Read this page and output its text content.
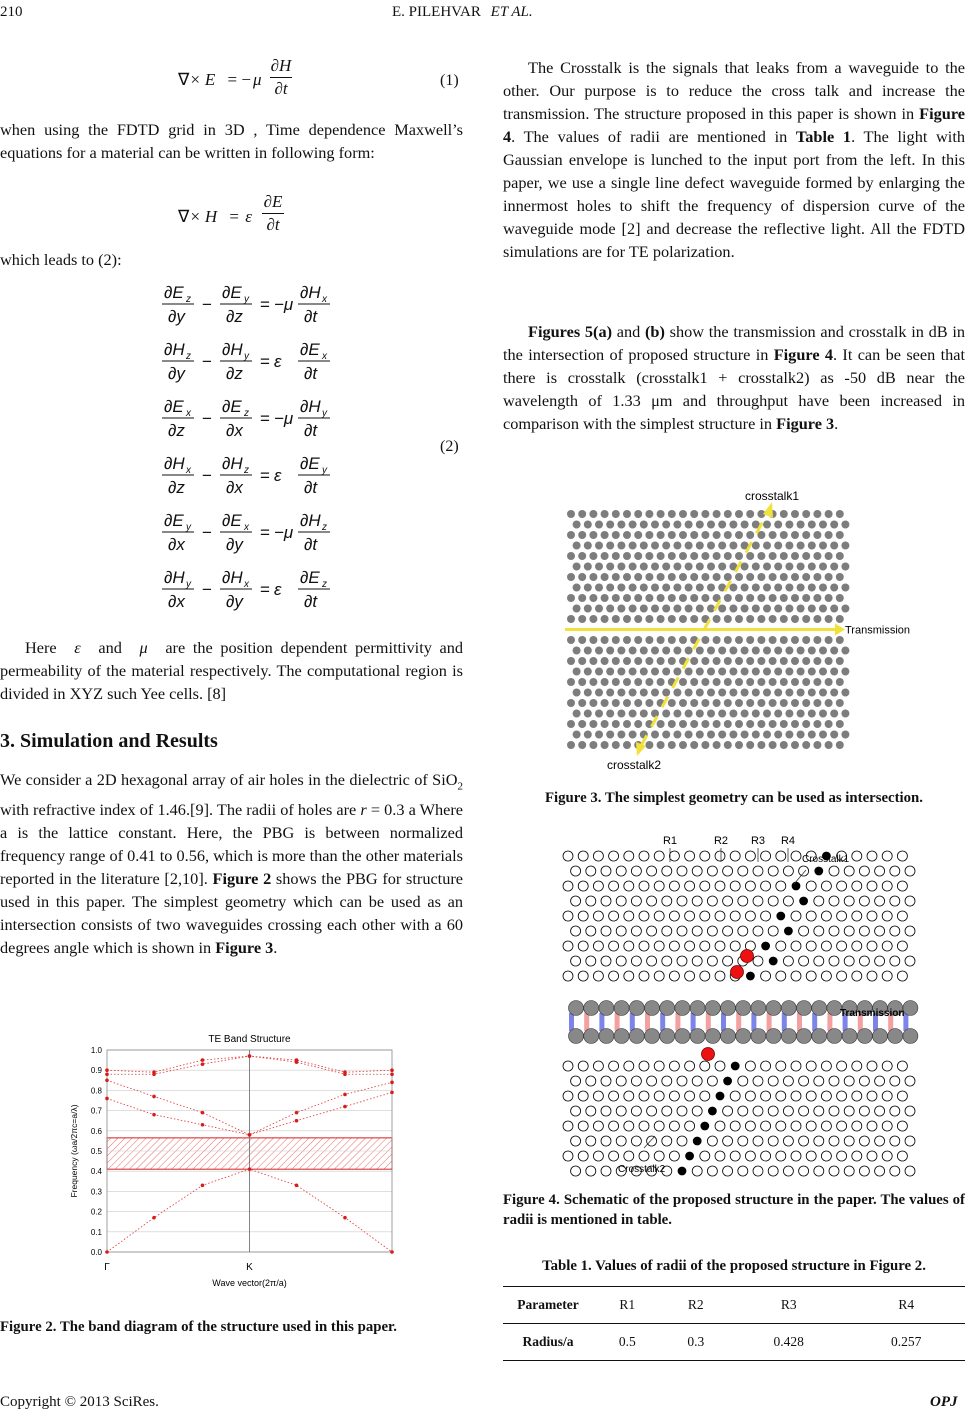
210	E. PILEHVAR ET AL.
∇× E = − μ
∂H
∂t	(1)
when using the FDTD grid in 3D , Time dependence Maxwell’s equations for a material can be written in following form:
∇× H = ε
∂E
∂t
which leads to (2):
∂E z
∂y
−
∂E y
∂z
= −μ
∂H x
∂t
∂H z
∂y
−
∂H y
∂z
= ε
∂E x
∂t
∂E x
∂z
−
∂E z
∂x
= −μ
∂H y
∂t
∂H x
∂z
−
∂H z
∂x
= ε
∂E y
∂t
∂E y
∂x
−
∂E x
∂y
= −μ
∂H z
∂t
∂H y
∂x
−
∂H x
∂y
= ε
∂E z
∂t
(2)

Here ε and μ are the position dependent permittivity and permeability of the material respectively. The computational region is divided in XYZ such Yee cells. [8]

3. Simulation and Results

We consider a 2D hexagonal array of air holes in the dielectric of SiO$_2$ with refractive index of 1.46.[9]. The radii of holes are r = 0.3 a Where a is the lattice constant. Here, the PBG is between normalized frequency range of 0.41 to 0.56, which is more than the other materials reported in the literature [2,10]. Figure 2 shows the PBG for structure used in this paper. The simplest geometry which can be used as an intersection consists of two waveguides crossing each other with a 60 degrees angle which is shown in Figure 3.

TE Band Structure
0.0
0.1
0.2
0.3
0.4
0.5
0.6
0.7
0.8
0.9
1.0
Γ	K
Wave vector(2π/a)
Frequency (ωa/2πc=a/λ)
Figure 2. The band diagram of the structure used in this paper.

The Crosstalk is the signals that leaks from a waveguide to the other. Our purpose is to reduce the cross talk and increase the transmission. The structure proposed in this paper is shown in Figure 4. The values of radii are mentioned in Table 1. The light with Gaussian envelope is lunched to the input port from the left. In this paper, we use a single line defect waveguide formed by enlarging the innermost holes to shift the frequency of dispersion curve of the waveguide mode [2] and decrease the reflective light. All the FDTD simulations are for TE polarization.

Figures 5(a) and (b) show the transmission and crosstalk in dB in the intersection of proposed structure in Figure 4. It can be seen that there is crosstalk (crosstalk1 + crosstalk2) as -50 dB near the wavelength of 1.33 μm and throughput have been increased in comparison with the simplest structure in Figure 3.

Transmission
crosstalk1
crosstalk2
Figure 3. The simplest geometry can be used as intersection.
R1	R2 R3 R4
Crosstalk1
Transmission
Crosstalk2
Figure 4. Schematic of the proposed structure in the paper. The values of radii is mentioned in table.
Table 1. Values of radii of the proposed structure in Figure 2.
Parameter	R1	R2	R3	R4
Radius/a	0.5	0.3	0.428	0.257
Copyright © 2013 SciRes.	OPJ
